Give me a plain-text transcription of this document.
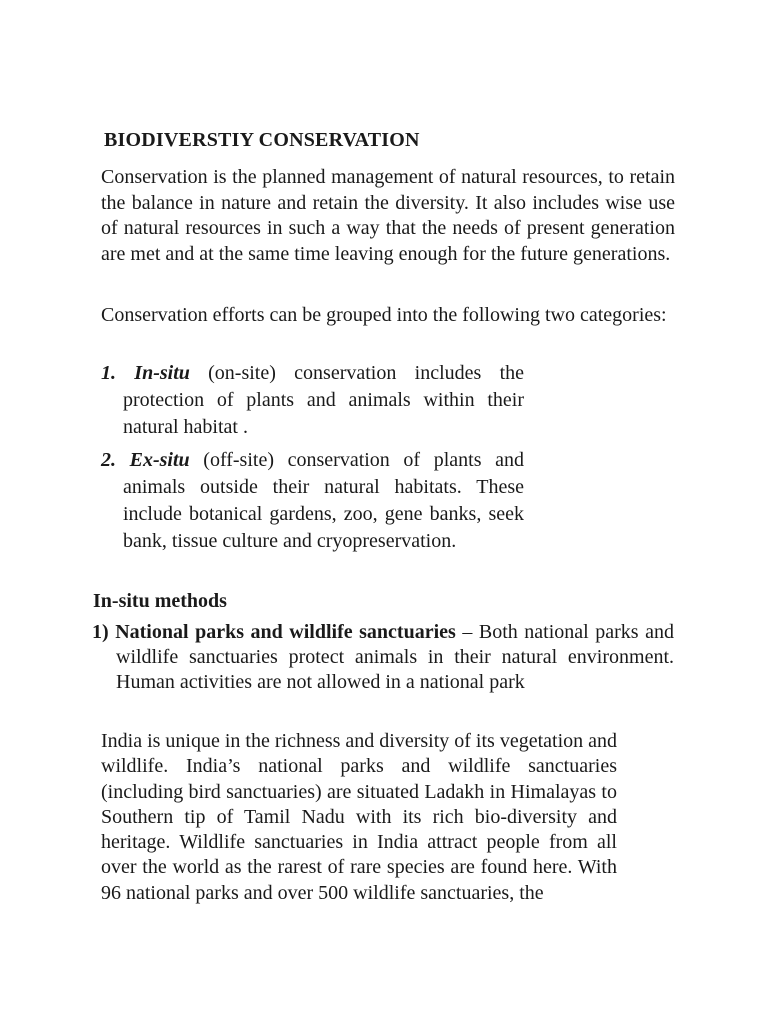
BIODIVERSTIY CONSERVATION

Conservation is the planned management of natural resources, to retain the balance in nature and retain the diversity. It also includes wise use of natural resources in such a way that the needs of present generation are met and at the same time leaving enough for the future generations.

Conservation efforts can be grouped into the following two categories:

1. In-situ (on-site) conservation includes the protection of plants and animals within their natural habitat .
2. Ex-situ (off-site) conservation of plants and animals outside their natural habitats. These include botanical gardens, zoo, gene banks, seek bank, tissue culture and cryopreservation.
In-situ methods

1) National parks and wildlife sanctuaries – Both national parks and wildlife sanctuaries protect animals in their natural environment. Human activities are not allowed in a national park

India is unique in the richness and diversity of its vegetation and wildlife. India’s national parks and wildlife sanctuaries (including bird sanctuaries) are situated Ladakh in Himalayas to Southern tip of Tamil Nadu with its rich bio-diversity and heritage. Wildlife sanctuaries in India attract people from all over the world as the rarest of rare species are found here. With 96 national parks and over 500 wildlife sanctuaries, the
